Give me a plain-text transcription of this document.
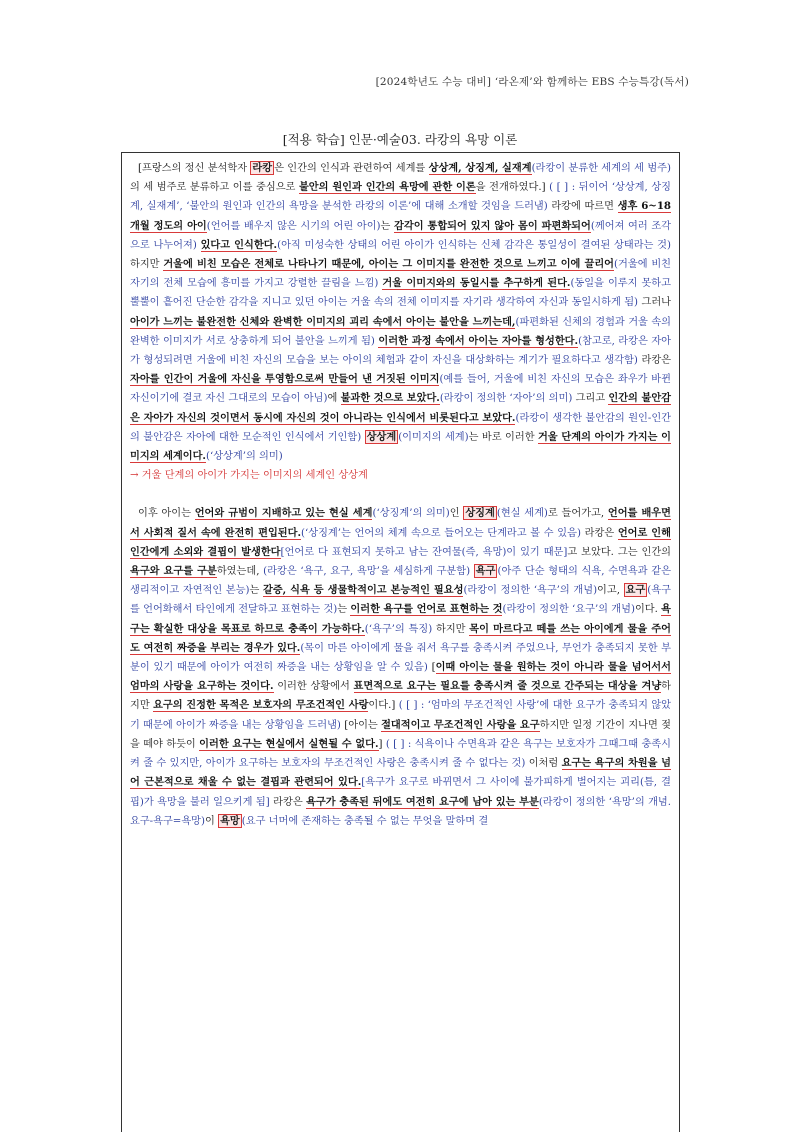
[2024학년도 수능 대비] ‘라온제’와 함께하는 EBS 수능특강(독서)
[적용 학습] 인문·예술03. 라캉의 욕망 이론

[프랑스의 정신 분석학자 라캉 은 인간의 인식과 관련하여 세계를 상상계, 상징계, 실재계(라캉이 분류한 세계의 세 범주)의 세 범주로 분류하고 이를 중심으로 불안의 원인과 인간의 욕망에 관한 이론을 전개하였다.] ( [ ] : 뒤이어 ‘상상계, 상징계, 실재계’, ‘불안의 원인과 인간의 욕망을 분석한 라캉의 이론’에 대해 소개할 것임을 드러냄) 라캉에 따르면 생후 6~18개월 정도의 아이(언어를 배우지 않은 시기의 어린 아이)는 감각이 통합되어 있지 않아 몸이 파편화되어(께어져 여러 조각으로 나누어져) 있다고 인식한다.(아직 미성숙한 상태의 어린 아이가 인식하는 신체 감각은 통일성이 결여된 상태라는 것) 하지만 거울에 비친 모습은 전체로 나타나기 때문에, 아이는 그 이미지를 완전한 것으로 느끼고 이에 끌리어(거울에 비친 자기의 전체 모습에 흥미를 가지고 강렬한 끌림을 느낌) 거울 이미지와의 동일시를 추구하게 된다.(동일을 이루지 못하고 뿔뿔이 흩어진 단순한 감각을 지니고 있던 아이는 거울 속의 전체 이미지를 자기라 생각하여 자신과 동일시하게 됨) 그러나 아이가 느끼는 불완전한 신체와 완벽한 이미지의 괴리 속에서 아이는 불안을 느끼는데,(파편화된 신체의 경험과 거울 속의 완벽한 이미지가 서로 상충하게 되어 불안을 느끼게 됨) 이러한 과정 속에서 아이는 자아를 형성한다.(참고로, 라캉은 자아가 형성되려면 거울에 비친 자신의 모습을 보는 아이의 체험과 같이 자신을 대상화하는 계기가 필요하다고 생각함) 라캉은 자아를 인간이 거울에 자신을 투영함으로써 만들어 낸 거짓된 이미지(예를 들어, 거울에 비친 자신의 모습은 좌우가 바뀐 자신이기에 결코 자신 그대로의 모습이 아님)에 불과한 것으로 보았다.(라캉이 정의한 ‘자아’의 의미) 그리고 인간의 불안감은 자아가 자신의 것이면서 동시에 자신의 것이 아니라는 인식에서 비롯된다고 보았다.(라캉이 생각한 불안감의 원인-인간의 불안감은 자아에 대한 모순적인 인식에서 기인함) 상상계 (이미지의 세계)는 바로 이러한 거울 단계의 아이가 가지는 이미지의 세계이다.(‘상상계’의 의미)

→ 거울 단계의 아이가 가지는 이미지의 세계인 상상계

이후 아이는 언어와 규범이 지배하고 있는 현실 세계(‘상징계’의 의미)인 상징계 (현실 세계)로 들어가고, 언어를 배우면서 사회적 질서 속에 완전히 편입된다.(‘상징계’는 언어의 체계 속으로 들어오는 단계라고 볼 수 있음) 라캉은 언어로 인해 인간에게 소외와 결핍이 발생한다[언어로 다 표현되지 못하고 남는 잔여물(즉, 욕망)이 있기 때문]고 보았다. 그는 인간의 욕구와 요구를 구분하였는데, (라캉은 ‘욕구, 요구, 욕망’을 세심하게 구분함) 욕구 (아주 단순 형태의 식욕, 수면욕과 같은 생리적이고 자연적인 본능)는 갈증, 식욕 등 생물학적이고 본능적인 필요성(라캉이 정의한 ‘욕구’의 개념)이고, 요구 (욕구를 언어화해서 타인에게 전달하고 표현하는 것)는 이러한 욕구를 언어로 표현하는 것(라캉이 정의한 ‘요구’의 개념)이다. 욕구는 확실한 대상을 목표로 하므로 충족이 가능하다.(‘욕구’의 특징) 하지만 목이 마르다고 떼를 쓰는 아이에게 물을 주어도 여전히 짜증을 부리는 경우가 있다.(목이 마른 아이에게 물을 줘서 욕구를 충족시켜 주었으나, 무언가 충족되지 못한 부분이 있기 때문에 아이가 여전히 짜증을 내는 상황임을 알 수 있음) [이때 아이는 물을 원하는 것이 아니라 물을 넘어서서 엄마의 사랑을 요구하는 것이다. 이러한 상황에서 표면적으로 요구는 필요를 충족시켜 줄 것으로 간주되는 대상을 겨냥하지만 요구의 진정한 목적은 보호자의 무조건적인 사랑이다.] ( [ ] : ‘엄마의 무조건적인 사랑’에 대한 요구가 충족되지 않았기 때문에 아이가 짜증을 내는 상황임을 드러냄) [아이는 절대적이고 무조건적인 사랑을 요구하지만 일정 기간이 지나면 젖을 떼야 하듯이 이러한 요구는 현실에서 실현될 수 없다.] ( [ ] : 식욕이나 수면욕과 같은 욕구는 보호자가 그때그때 충족시켜 줄 수 있지만, 아이가 요구하는 보호자의 무조건적인 사랑은 충족시켜 줄 수 없다는 것) 이처럼 요구는 욕구의 차원을 넘어 근본적으로 채울 수 없는 결핍과 관련되어 있다.[욕구가 요구로 바뀌면서 그 사이에 불가피하게 벌어지는 괴리(틈, 결핍)가 욕망을 불러 일으키게 됨] 라캉은 욕구가 충족된 뒤에도 여전히 요구에 남아 있는 부분(라캉이 정의한 ‘욕망’의 개념. 요구-욕구=욕망)이 욕망 (요구 너머에 존재하는 충족될 수 없는 무엇을 말하며 결
